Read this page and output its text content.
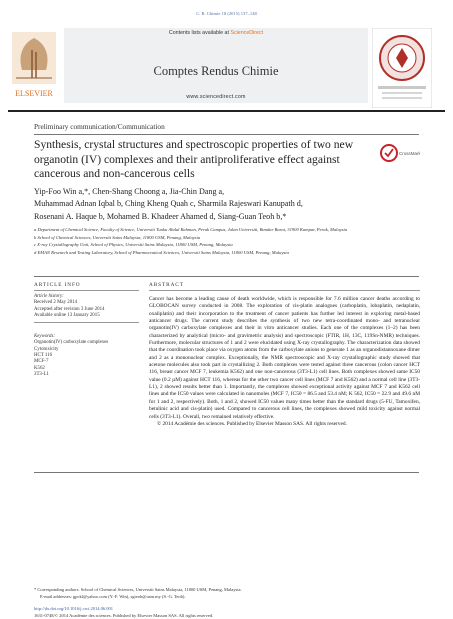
C. R. Chimie 18 (2015) 137–148
ELSEVIER
Contents lists available at ScienceDirect
Comptes Rendus Chimie
www.sciencedirect.com
Preliminary communication/Communication
Synthesis, crystal structures and spectroscopic properties of two new organotin (IV) complexes and their antiproliferative effect against cancerous and non-cancerous cells
CrossMark
Yip-Foo Win a,*, Chen-Shang Choong a, Jia-Chin Dang a,
Muhammad Adnan Iqbal b, Ching Kheng Quah c, Sharmila Rajeswari Kanupath d,
Rosenani A. Haque b, Mohamed B. Khadeer Ahamed d, Siang-Guan Teoh b,*
a Department of Chemical Science, Faculty of Science, Universiti Tunku Abdul Rahman, Perak Campus, Jalan Universiti, Bandar Barat, 31900 Kampar, Perak, Malaysia
b School of Chemical Sciences, Universiti Sains Malaysia, 11800 USM, Penang, Malaysia
c X-ray Crystallography Unit, School of Physics, Universiti Sains Malaysia, 11800 USM, Penang, Malaysia
d EMAN Research and Testing Laboratory, School of Pharmaceutical Sciences, Universiti Sains Malaysia, 11800 USM, Penang, Malaysia
ARTICLE INFO
Article history:
Received 2 May 2014
Accepted after revision 3 June 2014
Available online 13 January 2015
Keywords:
Organotin(IV) carboxylate complexes
Cytotoxicity
HCT 116
MCF-7
K562
3T3-L1
ABSTRACT
Cancer has become a leading cause of death worldwide, which is responsible for 7.6 million cancer deaths according to GLOBOCAN survey conducted in 2008. The exploration of cis-platin analogues (carboplatin, lobaplatin, nedaplatin, oxaliplatin) and their incorporation to the treatment of cancer patients has further led interest in exploring metal-based anticancer drugs. The current study describes the synthesis of two new tetra-coordinated mono- and tetranuclear organotin(IV) carboxylate complexes and their in vitro anticancer studies. Each one of the complexes (1–2) has been characterized by analytical (micro- and gravimetric analysis) and spectroscopic (FTIR, 1H, 13C, 119Sn-NMR) techniques. Furthermore, molecular structures of 1 and 2 were elucidated using X-ray crystallography. The characterization data showed that the coordination took place via oxygen atoms from the carboxylate anions to generate 1 as an organodistannoxane dimer and 2 as a mononuclear complex. Exceptionally, the NMR spectroscopic and X-ray crystallographic study showed that acetone molecules also took part in crystallizing 2. Both complexes were tested against three cancerous (colon cancer HCT 116, breast cancer MCF 7, leukemia K562) and one non-cancerous (3T3-L1) cell lines. Both complexes showed same IC50 value (0.2 µM) against HCT 116, whereas for the other two cancer cell lines (MCF 7 and K562) and a normal cell line (3T3-L1), 2 showed results better than 1. Importantly, the complexes showed exceptional activity against MCF 7 and K562 cell lines and the IC50 values were calculated in nanomoles (MCF 7, IC50 = 86.5 and 53.4 nM; K 562, IC50 = 22.9 and 49.6 nM for 1 and 2, respectively). Both, 1 and 2, showed IC50 values many times better than the standard drugs (5-FU, Tamoxifen, betulinic acid and cis-platin) used. Compared to cancerous cell lines, the complexes showed mild toxicity against normal cells (3T3-L1). Overall, two remained relatively effective.
© 2014 Académie des sciences. Published by Elsevier Masson SAS. All rights reserved.
* Corresponding authors. School of Chemical Sciences, Universiti Sains Malaysia, 11800 USM, Penang, Malaysia.
E-mail addresses: gpckl@yahoo.com (Y.-F. Win), sgteoh@usm.my (S.-G. Teoh).
http://dx.doi.org/10.1016/j.crci.2014.06.001
1631-0748/© 2014 Académie des sciences. Published by Elsevier Masson SAS. All rights reserved.
